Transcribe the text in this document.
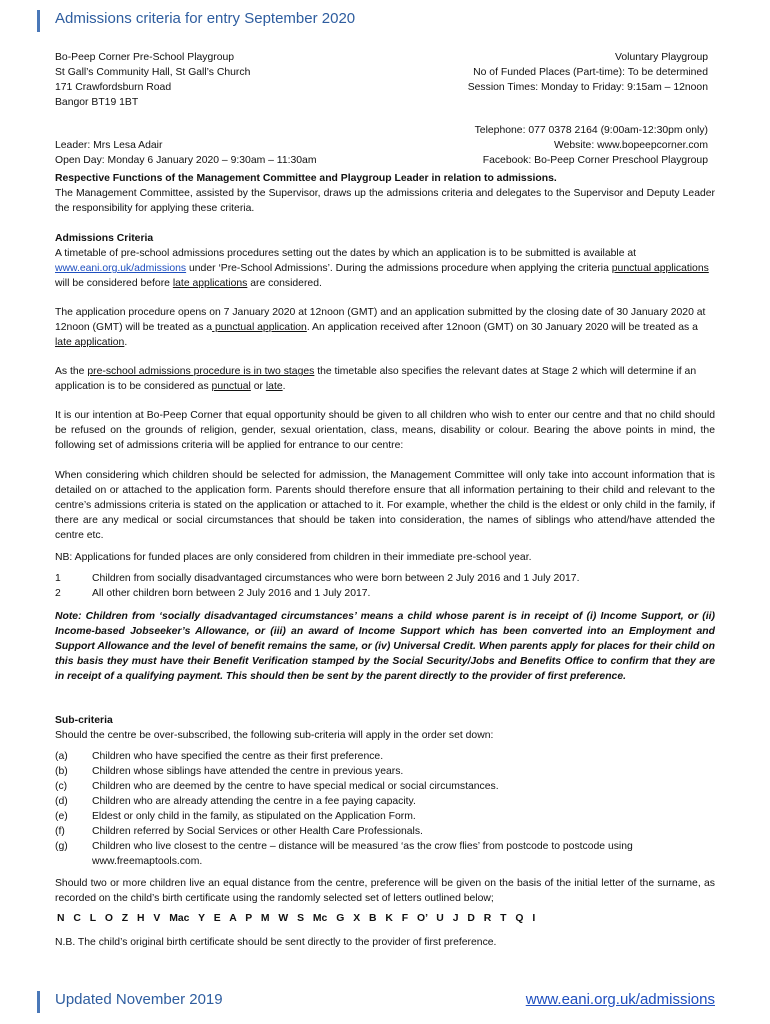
Admissions criteria for entry September 2020
Bo-Peep Corner Pre-School Playgroup
St Gall’s Community Hall, St Gall’s Church
171 Crawfordsburn Road
Bangor BT19 1BT
Voluntary Playgroup
No of Funded Places (Part-time): To be determined
Session Times: Monday to Friday: 9:15am – 12noon
Leader: Mrs Lesa Adair
Open Day: Monday 6 January 2020 – 9:30am – 11:30am
Telephone: 077 0378 2164 (9:00am-12:30pm only)
Website: www.bopeepcorner.com
Facebook: Bo-Peep Corner Preschool Playgroup
Respective Functions of the Management Committee and Playgroup Leader in relation to admissions.
The Management Committee, assisted by the Supervisor, draws up the admissions criteria and delegates to the Supervisor and Deputy Leader the responsibility for applying these criteria.
Admissions Criteria
A timetable of pre-school admissions procedures setting out the dates by which an application is to be submitted is available at www.eani.org.uk/admissions under ‘Pre-School Admissions’. During the admissions procedure when applying the criteria punctual applications will be considered before late applications are considered.
The application procedure opens on 7 January 2020 at 12noon (GMT) and an application submitted by the closing date of 30 January 2020 at 12noon (GMT) will be treated as a punctual application. An application received after 12noon (GMT) on 30 January 2020 will be treated as a late application.
As the pre-school admissions procedure is in two stages the timetable also specifies the relevant dates at Stage 2 which will determine if an application is to be considered as punctual or late.
It is our intention at Bo-Peep Corner that equal opportunity should be given to all children who wish to enter our centre and that no child should be refused on the grounds of religion, gender, sexual orientation, class, means, disability or colour. Bearing the above points in mind, the following set of admissions criteria will be applied for entrance to our centre:
When considering which children should be selected for admission, the Management Committee will only take into account information that is detailed on or attached to the application form. Parents should therefore ensure that all information pertaining to their child and relevant to the centre’s admissions criteria is stated on the application or attached to it. For example, whether the child is the eldest or only child in the family, if there are any medical or social circumstances that should be taken into consideration, the names of siblings who attend/have attended the centre etc.
NB: Applications for funded places are only considered from children in their immediate pre-school year.
1	Children from socially disadvantaged circumstances who were born between 2 July 2016 and 1 July 2017.
2	All other children born between 2 July 2016 and 1 July 2017.
Note: Children from ‘socially disadvantaged circumstances’ means a child whose parent is in receipt of (i) Income Support, or (ii) Income-based Jobseeker’s Allowance, or (iii) an award of Income Support which has been converted into an Employment and Support Allowance and the level of benefit remains the same, or (iv) Universal Credit. When parents apply for places for their child on this basis they must have their Benefit Verification stamped by the Social Security/Jobs and Benefits Office to confirm that they are in receipt of a qualifying payment. This should then be sent by the parent directly to the provider of first preference.
Sub-criteria
Should the centre be over-subscribed, the following sub-criteria will apply in the order set down:
(a)	Children who have specified the centre as their first preference.
(b)	Children whose siblings have attended the centre in previous years.
(c)	Children who are deemed by the centre to have special medical or social circumstances.
(d)	Children who are already attending the centre in a fee paying capacity.
(e)	Eldest or only child in the family, as stipulated on the Application Form.
(f)	Children referred by Social Services or other Health Care Professionals.
(g)	Children who live closest to the centre – distance will be measured ‘as the crow flies’ from postcode to postcode using www.freemaptools.com.
Should two or more children live an equal distance from the centre, preference will be given on the basis of the initial letter of the surname, as recorded on the child’s birth certificate using the randomly selected set of letters outlined below;
N C L O Z H V Mac Y E A P M W S Mc G X B K F O’ U J D R T Q I
N.B. The child’s original birth certificate should be sent directly to the provider of first preference.
Updated November 2019	www.eani.org.uk/admissions
